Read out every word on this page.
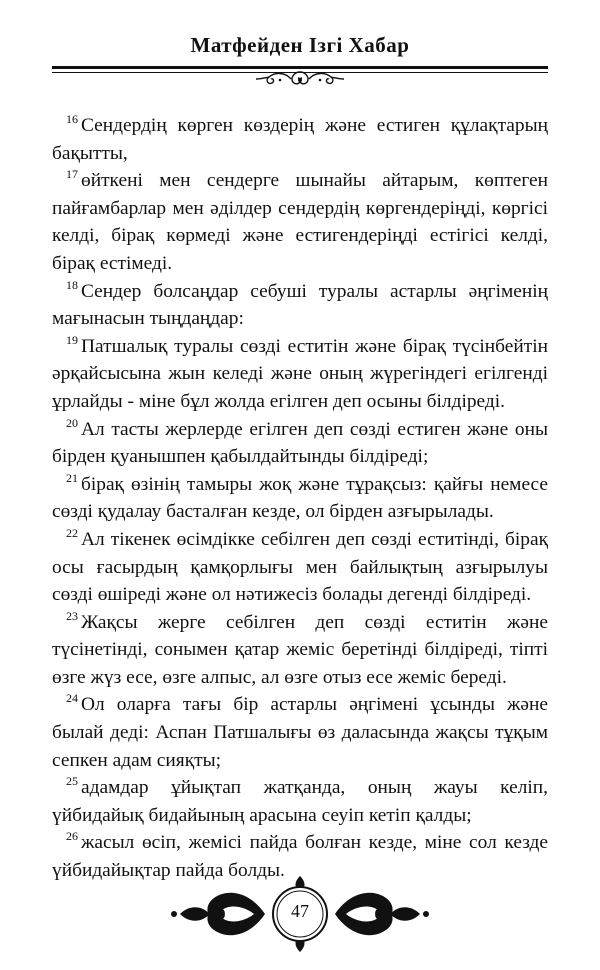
Матфейден Ізгі Хабар

$^{16}$ Сендердің көрген көздерің және естиген құлақтарың бақытты,

$^{17}$ өйткені мен сендерге шынайы айтарым, көптеген пайғамбарлар мен әділдер сендердің көргендеріңді, көргісі келді, бірақ көрмеді және естигендеріңді естігісі келді, бірақ естімеді.

$^{18}$ Сендер болсаңдар себуші туралы астарлы әңгіменің мағынасын тыңдаңдар:

$^{19}$ Патшалық туралы сөзді еститін және бірақ түсінбейтін әрқайсысына жын келеді және оның жүрегіндегі егілгенді ұрлайды - міне бұл жолда егілген деп осыны білдіреді.

$^{20}$ Ал тасты жерлерде егілген деп сөзді естиген және оны бірден қуанышпен қабылдайтынды білдіреді;

$^{21}$ бірақ өзінің тамыры жоқ және тұрақсыз: қайғы немесе сөзді қудалау басталған кезде, ол бірден азғырылады.

$^{22}$ Ал тікенек өсімдікке себілген деп сөзді еститінді, бірақ осы ғасырдың қамқорлығы мен байлықтың азғырылуы сөзді өшіреді және ол нәтижесіз болады дегенді білдіреді.

$^{23}$ Жақсы жерге себілген деп сөзді еститін және түсінетінді, сонымен қатар жеміс беретінді білдіреді, тіпті өзге жүз есе, өзге алпыс, ал өзге отыз есе жеміс береді.

$^{24}$ Ол оларға тағы бір астарлы әңгімені ұсынды және былай деді: Аспан Патшалығы өз даласында жақсы тұқым сепкен адам сияқты;

$^{25}$ адамдар ұйықтап жатқанда, оның жауы келіп, үйбидайық бидайының арасына сеуіп кетіп қалды;

$^{26}$ жасыл өсіп, жемісі пайда болған кезде, міне сол кезде үйбидайықтар пайда болды.

47
